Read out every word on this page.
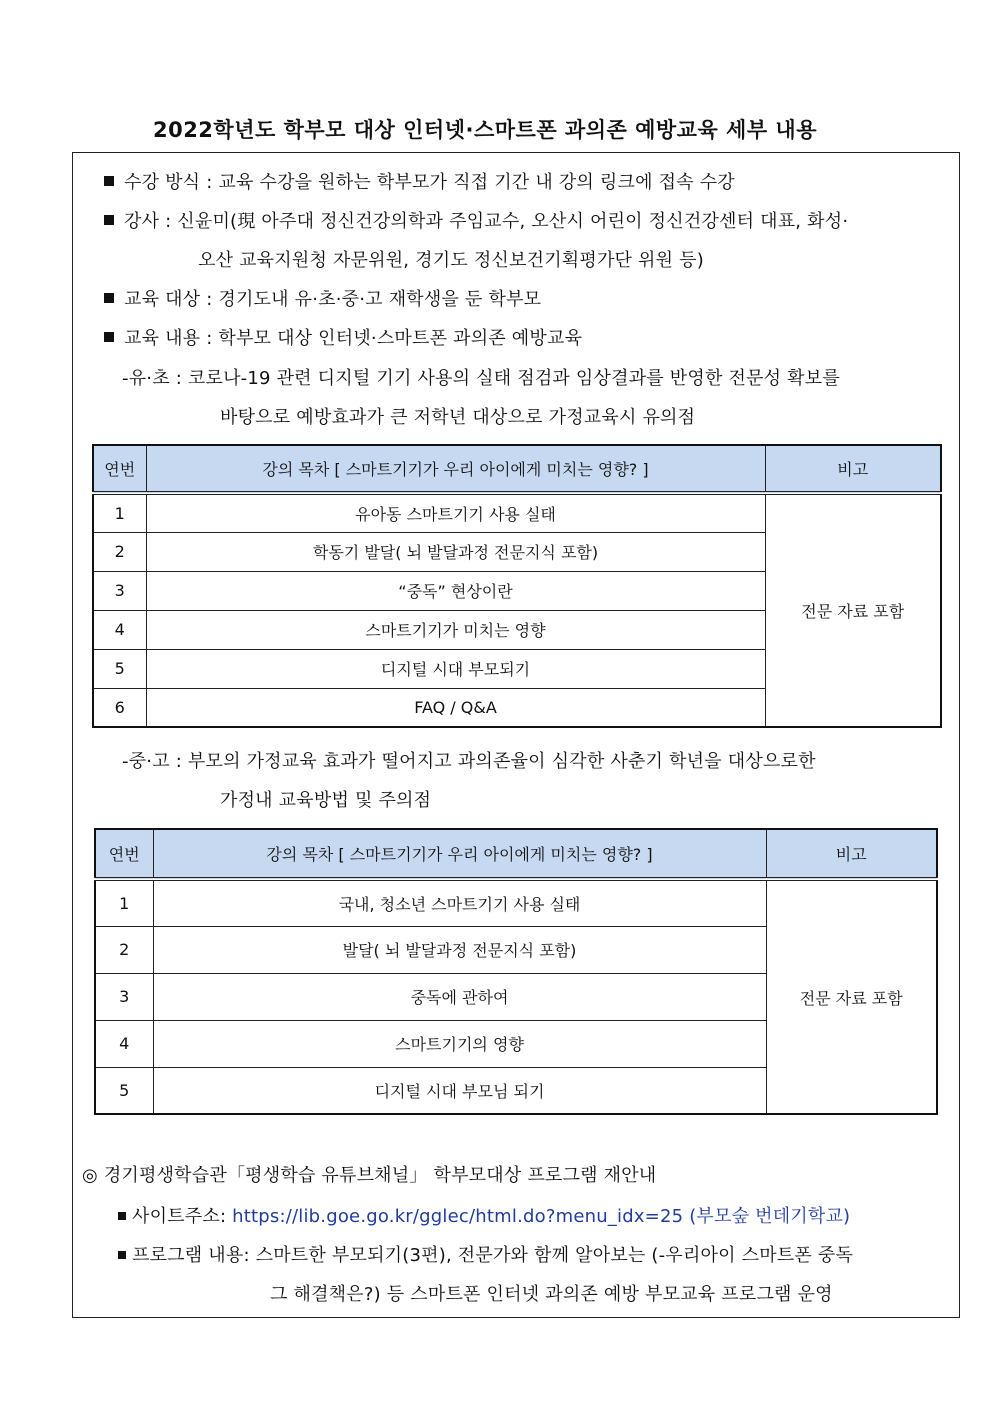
2022학년도 학부모 대상 인터넷·스마트폰 과의존 예방교육 세부 내용
수강 방식 : 교육 수강을 원하는 학부모가 직접 기간 내 강의 링크에 접속 수강
강사 : 신윤미(現 아주대 정신건강의학과 주임교수, 오산시 어린이 정신건강센터 대표, 화성·
오산 교육지원청 자문위원, 경기도 정신보건기획평가단 위원 등)
교육 대상 : 경기도내 유·초·중·고 재학생을 둔 학부모
교육 내용 : 학부모 대상 인터넷·스마트폰 과의존 예방교육
-유·초 : 코로나-19 관련 디지털 기기 사용의 실태 점검과 임상결과를 반영한 전문성 확보를
바탕으로 예방효과가 큰 저학년 대상으로 가정교육시 유의점
연번	강의 목차 [ 스마트기기가 우리 아이에게 미치는 영향? ]	비고
1	유아동 스마트기기 사용 실태	전문 자료 포함
2	학동기 발달( 뇌 발달과정 전문지식 포함)	
3	“중독” 현상이란	
4	스마트기기가 미치는 영향	
5	디지털 시대 부모되기	
6	FAQ / Q&A	
-중·고 : 부모의 가정교육 효과가 떨어지고 과의존율이 심각한 사춘기 학년을 대상으로한
가정내 교육방법 및 주의점
연번	강의 목차 [ 스마트기기가 우리 아이에게 미치는 영향? ]	비고
1	국내, 청소년 스마트기기 사용 실태	전문 자료 포함
2	발달( 뇌 발달과정 전문지식 포함)	
3	중독에 관하여	
4	스마트기기의 영향	
5	디지털 시대 부모님 되기	
◎ 경기평생학습관「평생학습 유튜브채널」 학부모대상 프로그램 재안내
사이트주소: https://lib.goe.go.kr/gglec/html.do?menu_idx=25 (부모숲 번데기학교)
프로그램 내용: 스마트한 부모되기(3편), 전문가와 함께 알아보는 (-우리아이 스마트폰 중독
그 해결책은?) 등 스마트폰 인터넷 과의존 예방 부모교육 프로그램 운영
